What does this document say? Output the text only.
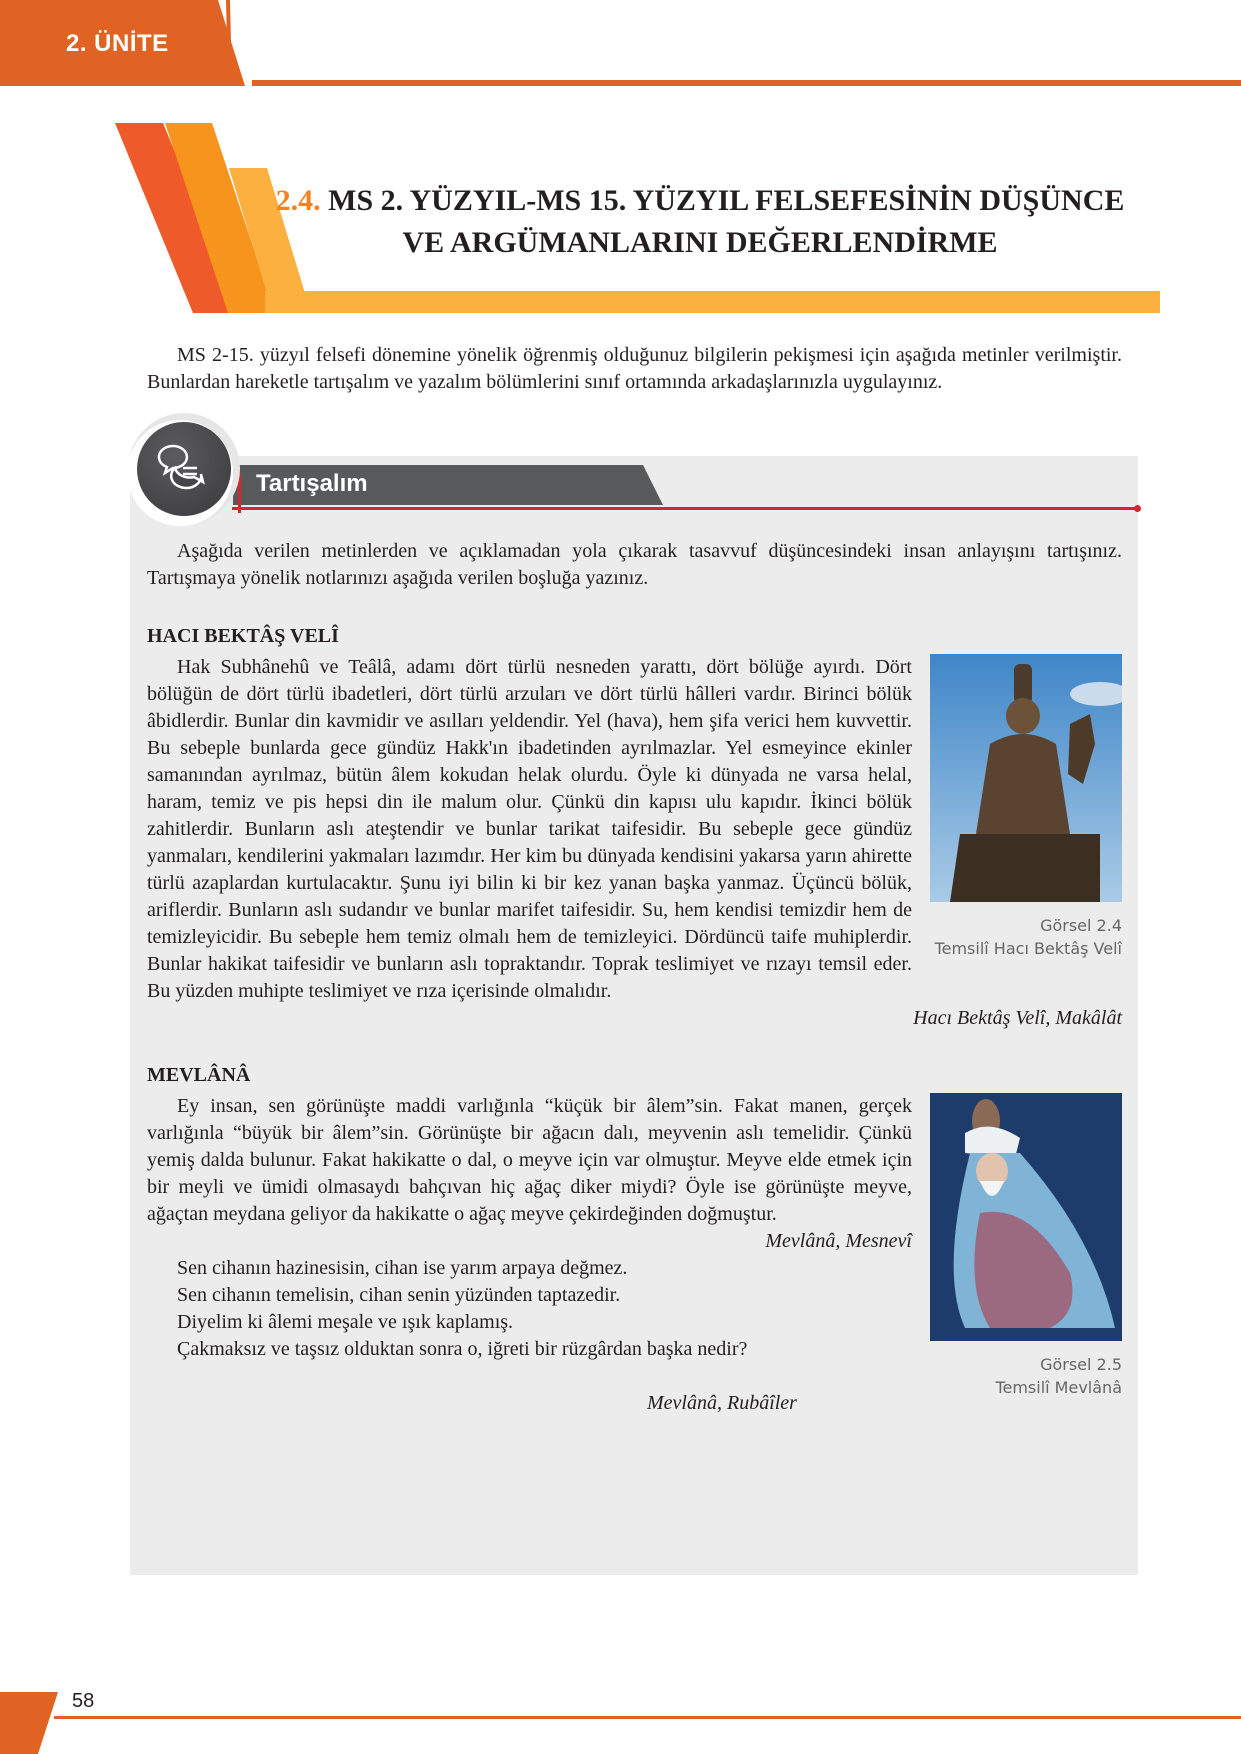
2. ÜNİTE
2.4. MS 2. YÜZYIL-MS 15. YÜZYIL FELSEFESİNİN DÜŞÜNCE
VE ARGÜMANLARINI DEĞERLENDİRME

MS 2-15. yüzyıl felsefi dönemine yönelik öğrenmiş olduğunuz bilgilerin pekişmesi için aşağıda metinler verilmiştir. Bunlardan hareketle tartışalım ve yazalım bölümlerini sınıf ortamında arkadaşlarınızla uygulayınız.

Tartışalım

Aşağıda verilen metinlerden ve açıklamadan yola çıkarak tasavvuf düşüncesindeki insan anlayışını tartışınız. Tartışmaya yönelik notlarınızı aşağıda verilen boşluğa yazınız.

HACI BEKTÂŞ VELÎ

Görsel 2.4
Temsilî Hacı Bektâş Velî

Hak Subhânehû ve Teâlâ, adamı dört türlü nesneden yarattı, dört bölüğe ayırdı. Dört bölüğün de dört türlü ibadetleri, dört türlü arzuları ve dört türlü hâlleri vardır. Birinci bölük âbidlerdir. Bunlar din kavmidir ve asılları yeldendir. Yel (hava), hem şifa verici hem kuvvettir. Bu sebeple bunlarda gece gündüz Hakk'ın ibadetinden ayrılmazlar. Yel esmeyince ekinler samanından ayrılmaz, bütün âlem kokudan helak olurdu. Öyle ki dünyada ne varsa helal, haram, temiz ve pis hepsi din ile malum olur. Çünkü din kapısı ulu kapıdır. İkinci bölük zahitlerdir. Bunların aslı ateştendir ve bunlar tarikat taifesidir. Bu sebeple gece gündüz yanmaları, kendilerini yakmaları lazımdır. Her kim bu dünyada kendisini yakarsa yarın ahirette türlü azaplardan kurtulacaktır. Şunu iyi bilin ki bir kez yanan başka yanmaz. Üçüncü bölük, ariflerdir. Bunların aslı sudandır ve bunlar marifet taifesidir. Su, hem kendisi temizdir hem de temizleyicidir. Bu sebeple hem temiz olmalı hem de temizleyici. Dördüncü taife muhiplerdir. Bunlar hakikat taifesidir ve bunların aslı topraktandır. Toprak teslimiyet ve rızayı temsil eder. Bu yüzden muhipte teslimiyet ve rıza içerisinde olmalıdır.

Hacı Bektâş Velî, Makâlât

MEVLÂNÂ

Görsel 2.5
Temsilî Mevlânâ

Ey insan, sen görünüşte maddi varlığınla “küçük bir âlem”sin. Fakat manen, gerçek varlığınla “büyük bir âlem”sin. Görünüşte bir ağacın dalı, meyvenin aslı temelidir. Çünkü yemiş dalda bulunur. Fakat hakikatte o dal, o meyve için var olmuştur. Meyve elde etmek için bir meyli ve ümidi olmasaydı bahçıvan hiç ağaç diker miydi? Öyle ise görünüşte meyve, ağaçtan meydana geliyor da hakikatte o ağaç meyve çekirdeğinden doğmuştur.

Mevlânâ, Mesnevî

Sen cihanın hazinesisin, cihan ise yarım arpaya değmez.

Sen cihanın temelisin, cihan senin yüzünden taptazedir.

Diyelim ki âlemi meşale ve ışık kaplamış.

Çakmaksız ve taşsız olduktan sonra o, iğreti bir rüzgârdan başka nedir?

Mevlânâ, Rubâîler

58
